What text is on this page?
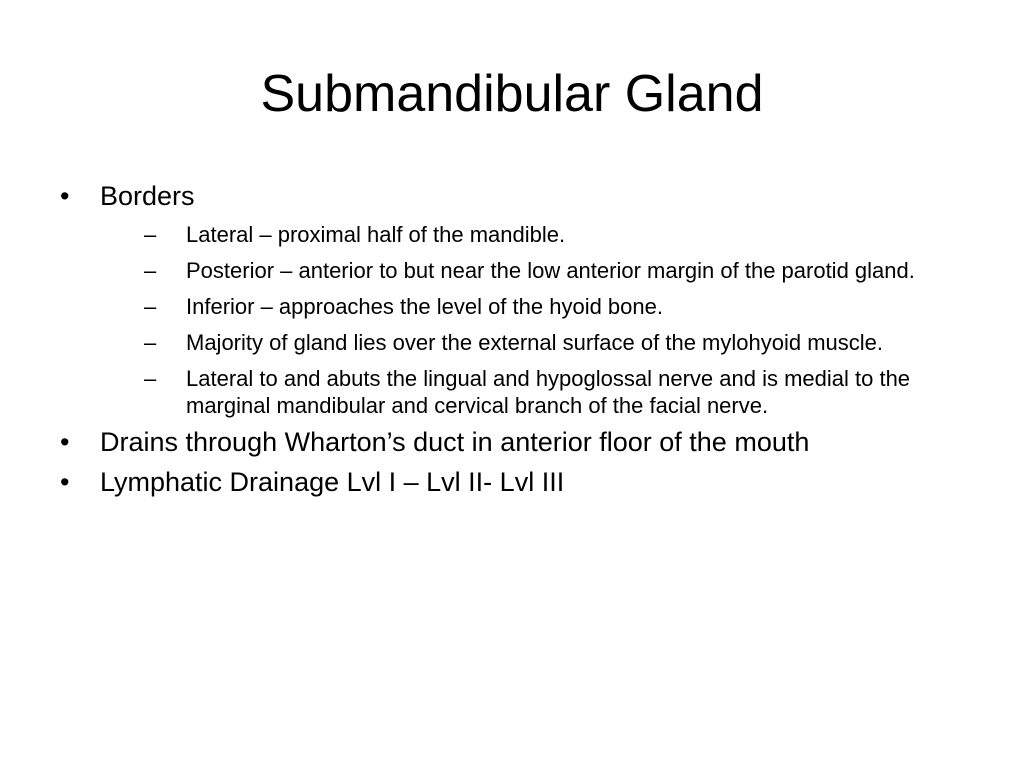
Submandibular Gland
•	Borders
–	Lateral – proximal half of the mandible.
–	Posterior – anterior to but near the low anterior margin of the parotid gland.
–	Inferior – approaches the level of the hyoid bone.
–	Majority of gland lies over the external surface of the mylohyoid muscle.
–	Lateral to and abuts the lingual and hypoglossal nerve and is medial to the marginal mandibular and cervical branch of the facial nerve.
•	Drains through Wharton’s duct in anterior floor of the mouth
•	Lymphatic Drainage Lvl I – Lvl II- Lvl III
